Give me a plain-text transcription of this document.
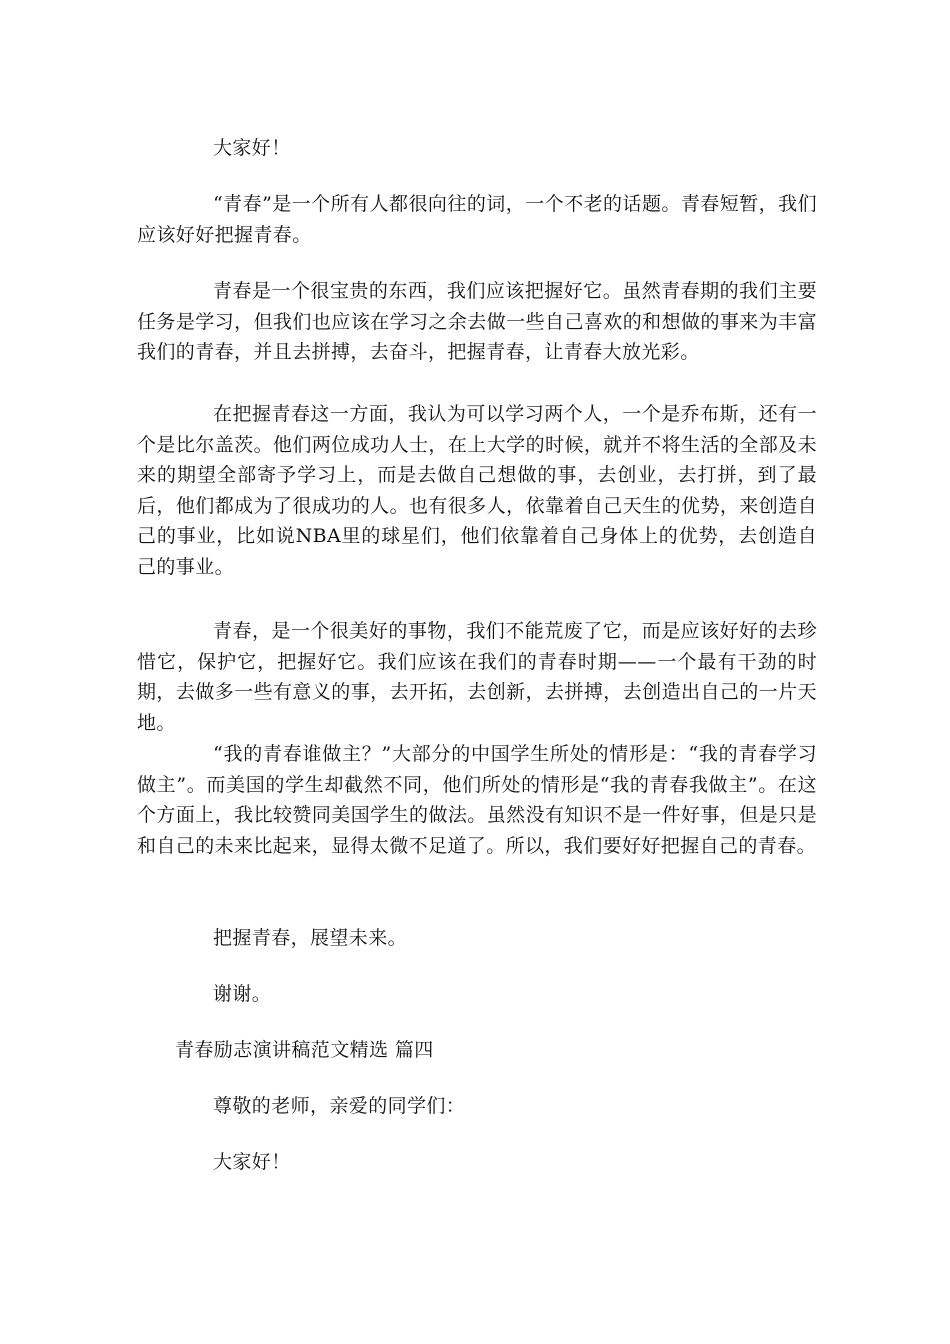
大家好！

“青春”是一个所有人都很向往的词，一个不老的话题。青春短暂，我们应该好好把握青春。

青春是一个很宝贵的东西，我们应该把握好它。虽然青春期的我们主要任务是学习，但我们也应该在学习之余去做一些自己喜欢的和想做的事来为丰富我们的青春，并且去拼搏，去奋斗，把握青春，让青春大放光彩。

在把握青春这一方面，我认为可以学习两个人，一个是乔布斯，还有一个是比尔盖茨。他们两位成功人士，在上大学的时候，就并不将生活的全部及未来的期望全部寄予学习上，而是去做自己想做的事，去创业，去打拼，到了最后，他们都成为了很成功的人。也有很多人，依靠着自己天生的优势，来创造自己的事业，比如说NBA里的球星们，他们依靠着自己身体上的优势，去创造自己的事业。

青春，是一个很美好的事物，我们不能荒废了它，而是应该好好的去珍惜它，保护它，把握好它。我们应该在我们的青春时期——一个最有干劲的时期，去做多一些有意义的事，去开拓，去创新，去拼搏，去创造出自己的一片天地。

“我的青春谁做主？”大部分的中国学生所处的情形是：“我的青春学习做主”。而美国的学生却截然不同，他们所处的情形是“我的青春我做主”。在这个方面上，我比较赞同美国学生的做法。虽然没有知识不是一件好事，但是只是和自己的未来比起来，显得太微不足道了。所以，我们要好好把握自己的青春。

把握青春，展望未来。

谢谢。

青春励志演讲稿范文精选 篇四

尊敬的老师，亲爱的同学们：

大家好！
